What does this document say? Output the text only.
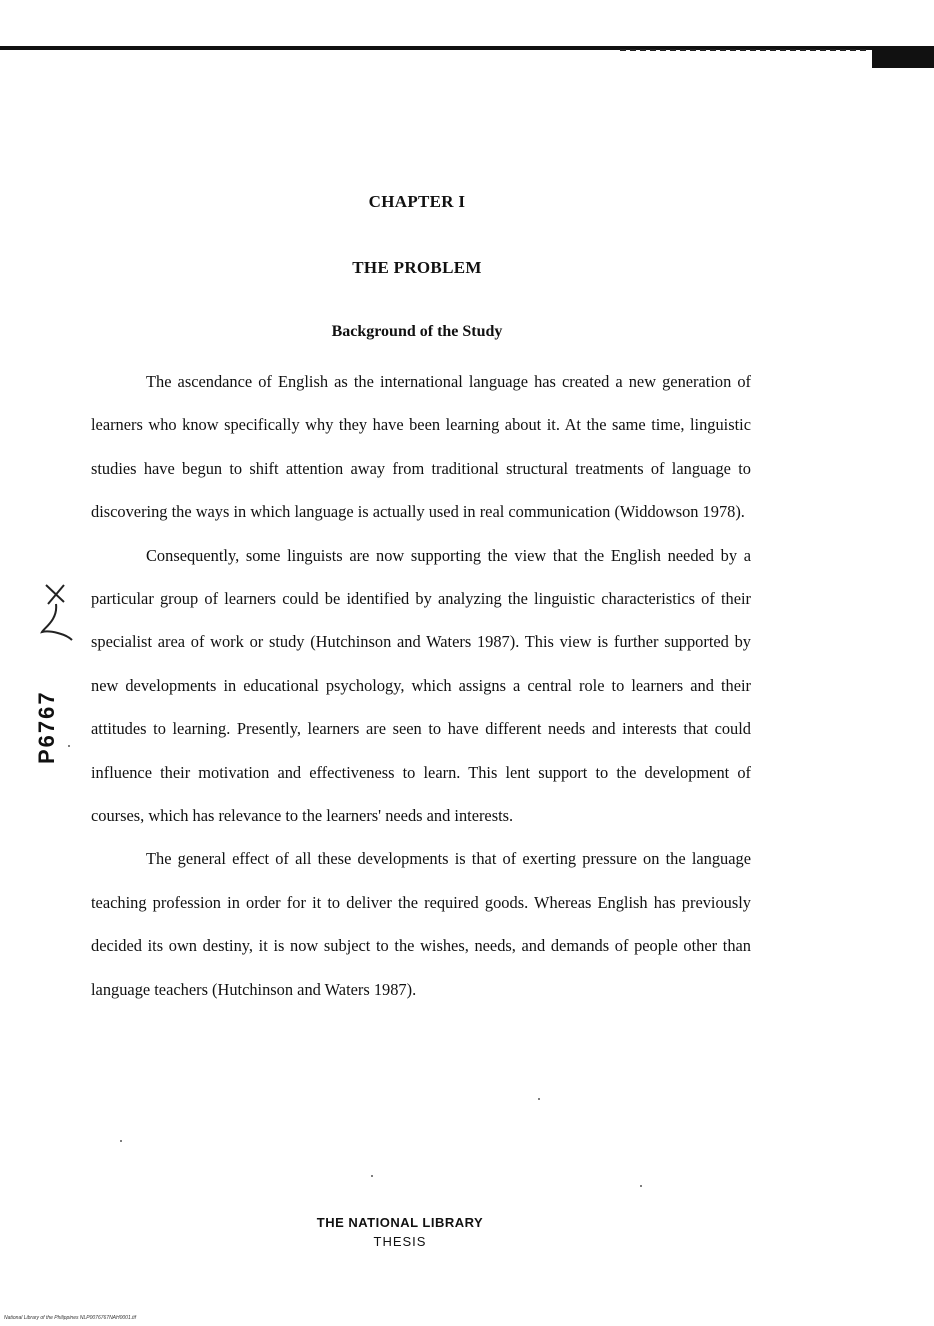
CHAPTER I
THE PROBLEM
Background of the Study

The ascendance of English as the international language has created a new generation of learners who know specifically why they have been learning about it. At the same time, linguistic studies have begun to shift attention away from traditional structural treatments of language to discovering the ways in which language is actually used in real communication (Widdowson 1978).

Consequently, some linguists are now supporting the view that the English needed by a particular group of learners could be identified by analyzing the linguistic characteristics of their specialist area of work or study (Hutchinson and Waters 1987). This view is further supported by new developments in educational psychology, which assigns a central role to learners and their attitudes to learning. Presently, learners are seen to have different needs and interests that could influence their motivation and effectiveness to learn. This lent support to the development of courses, which has relevance to the learners' needs and interests.

The general effect of all these developments is that of exerting pressure on the language teaching profession in order for it to deliver the required goods. Whereas English has previously decided its own destiny, it is now subject to the wishes, needs, and demands of people other than language teachers (Hutchinson and Waters 1987).

P6767
THE NATIONAL LIBRARY
THESIS
National Library of the Philippines NLP0076767NAH0001.tif
